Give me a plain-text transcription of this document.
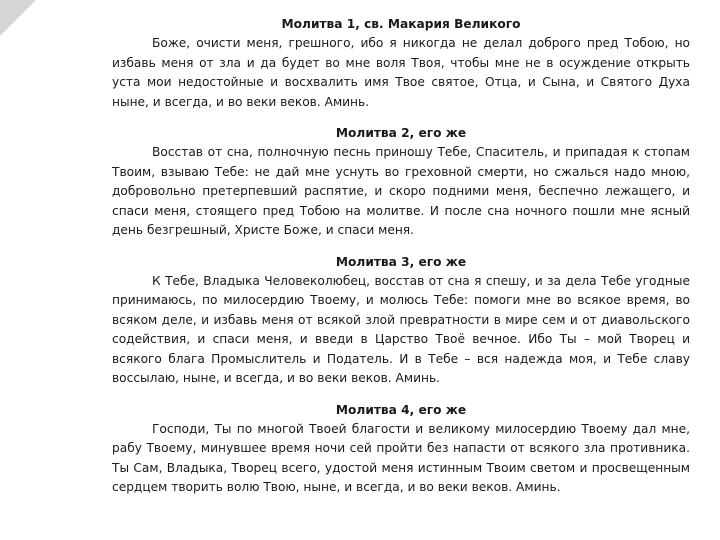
Молитва 1, св. Макария Великого

Боже, очисти меня, грешного, ибо я никогда не делал доброго пред Тобою, но избавь меня от зла и да будет во мне воля Твоя, чтобы мне не в осуждение открыть уста мои недостойные и восхвалить имя Твое святое, Отца, и Сына, и Святого Духа ныне, и всегда, и во веки веков. Аминь.

Молитва 2, его же

Восстав от сна, полночную песнь приношу Тебе, Спаситель, и припадая к стопам Твоим, взываю Тебе: не дай мне уснуть во греховной смерти, но сжалься надо мною, добровольно претерпевший распятие, и скоро подними меня, беспечно лежащего, и спаси меня, стоящего пред Тобою на молитве. И после сна ночного пошли мне ясный день безгрешный, Христе Боже, и спаси меня.

Молитва 3, его же

К Тебе, Владыка Человеколюбец, восстав от сна я спешу, и за дела Тебе угодные принимаюсь, по милосердию Твоему, и молюсь Тебе: помоги мне во всякое время, во всяком деле, и избавь меня от всякой злой превратности в мире сем и от диавольского содействия, и спаси меня, и введи в Царство Твоё вечное. Ибо Ты – мой Творец и всякого блага Промыслитель и Податель. И в Тебе – вся надежда моя, и Тебе славу воссылаю, ныне, и всегда, и во веки веков. Аминь.

Молитва 4, его же

Господи, Ты по многой Твоей благости и великому милосердию Твоему дал мне, рабу Твоему, минувшее время ночи сей пройти без напасти от всякого зла противника. Ты Сам, Владыка, Творец всего, удостой меня истинным Твоим светом и просвещенным сердцем творить волю Твою, ныне, и всегда, и во веки веков. Аминь.
